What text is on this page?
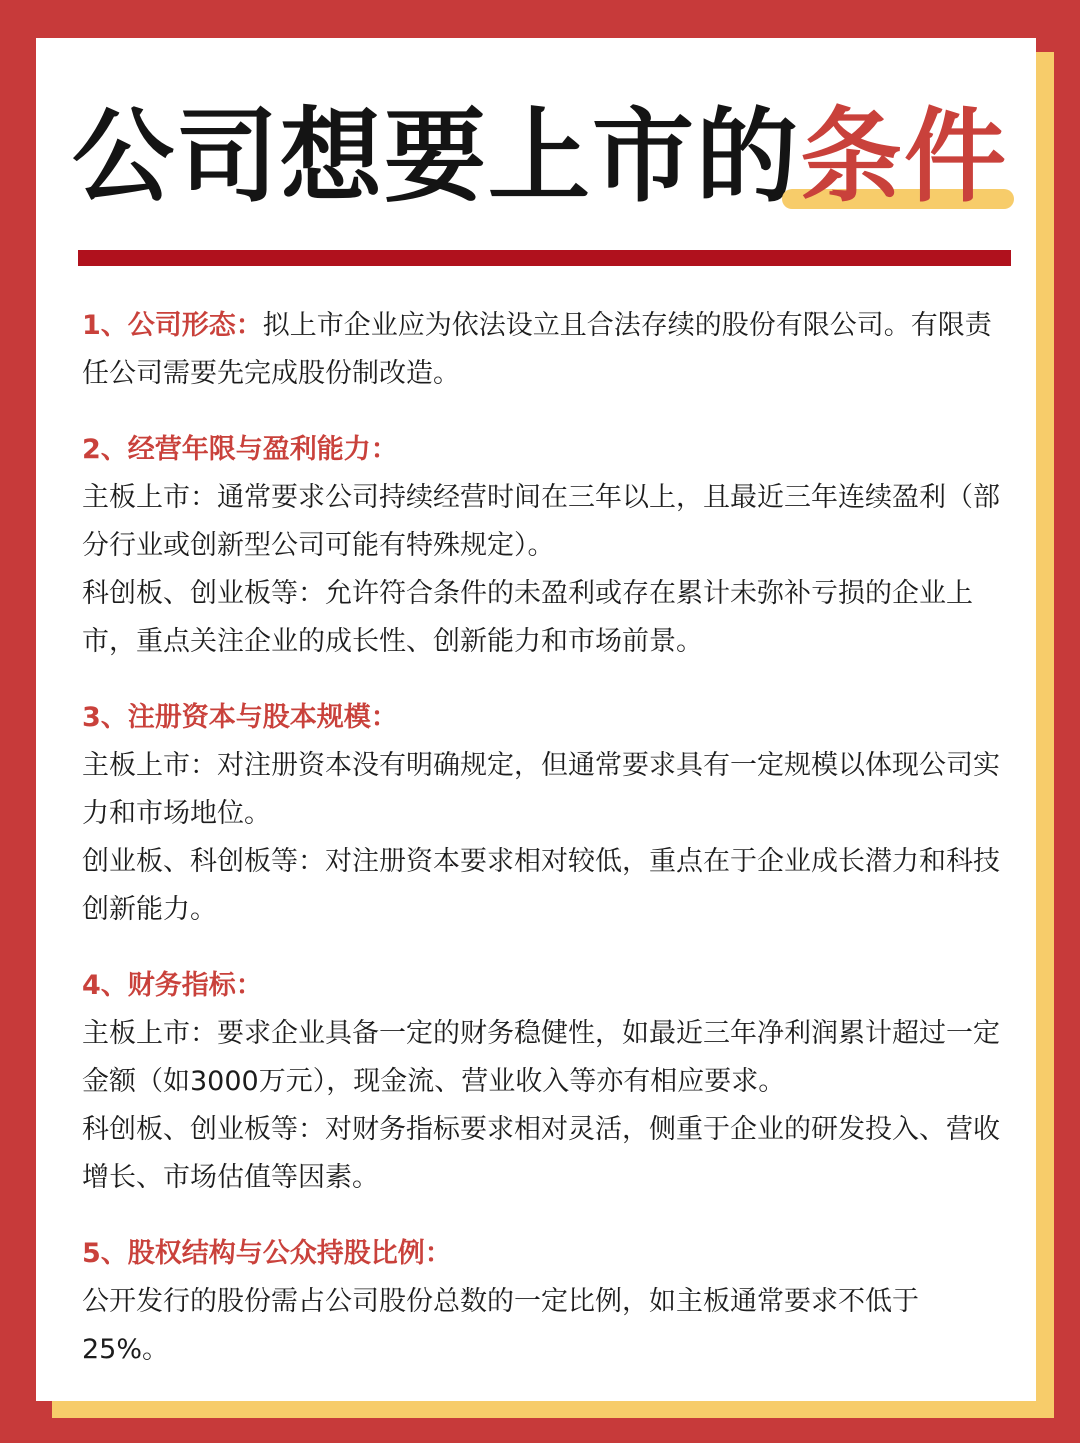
公司想要上市的条件

1、公司形态：拟上市企业应为依法设立且合法存续的股份有限公司。有限责任公司需要先完成股份制改造。

2、经营年限与盈利能力：

主板上市：通常要求公司持续经营时间在三年以上，且最近三年连续盈利（部分行业或创新型公司可能有特殊规定）。

科创板、创业板等：允许符合条件的未盈利或存在累计未弥补亏损的企业上市，重点关注企业的成长性、创新能力和市场前景。

3、注册资本与股本规模：

主板上市：对注册资本没有明确规定，但通常要求具有一定规模以体现公司实力和市场地位。

创业板、科创板等：对注册资本要求相对较低，重点在于企业成长潜力和科技创新能力。

4、财务指标：

主板上市：要求企业具备一定的财务稳健性，如最近三年净利润累计超过一定金额（如3000万元），现金流、营业收入等亦有相应要求。

科创板、创业板等：对财务指标要求相对灵活，侧重于企业的研发投入、营收增长、市场估值等因素。

5、股权结构与公众持股比例：

公开发行的股份需占公司股份总数的一定比例，如主板通常要求不低于25%。
